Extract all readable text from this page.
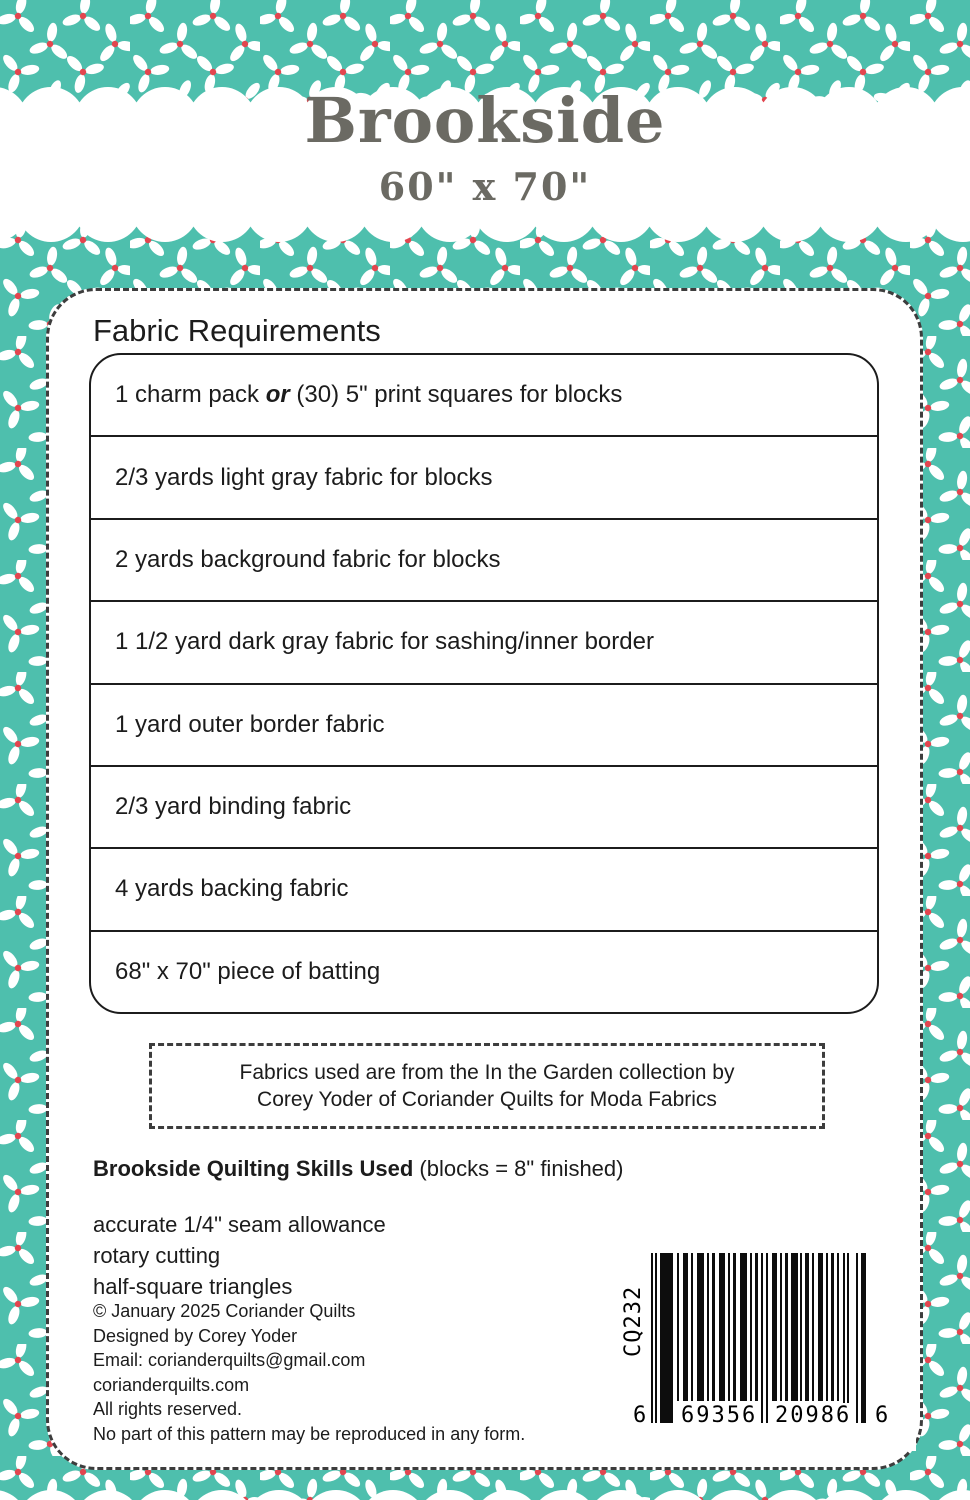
Brookside
60" x 70"
Fabric Requirements
1 charm pack or (30) 5" print squares for blocks
2/3 yards light gray fabric for blocks
2 yards background fabric for blocks
1 1/2 yard dark gray fabric for sashing/inner border
1 yard outer border fabric
2/3 yard binding fabric
4 yards backing fabric
68" x 70" piece of batting
Fabrics used are from the In the Garden collection by
Corey Yoder of Coriander Quilts for Moda Fabrics
Brookside Quilting Skills Used (blocks = 8" finished)
accurate 1/4" seam allowance
rotary cutting
half-square triangles
© January 2025 Coriander Quilts
Designed by Corey Yoder
Email: corianderquilts@gmail.com
corianderquilts.com
All rights reserved.
No part of this pattern may be reproduced in any form.
CQ232
6 69356 20986 6
